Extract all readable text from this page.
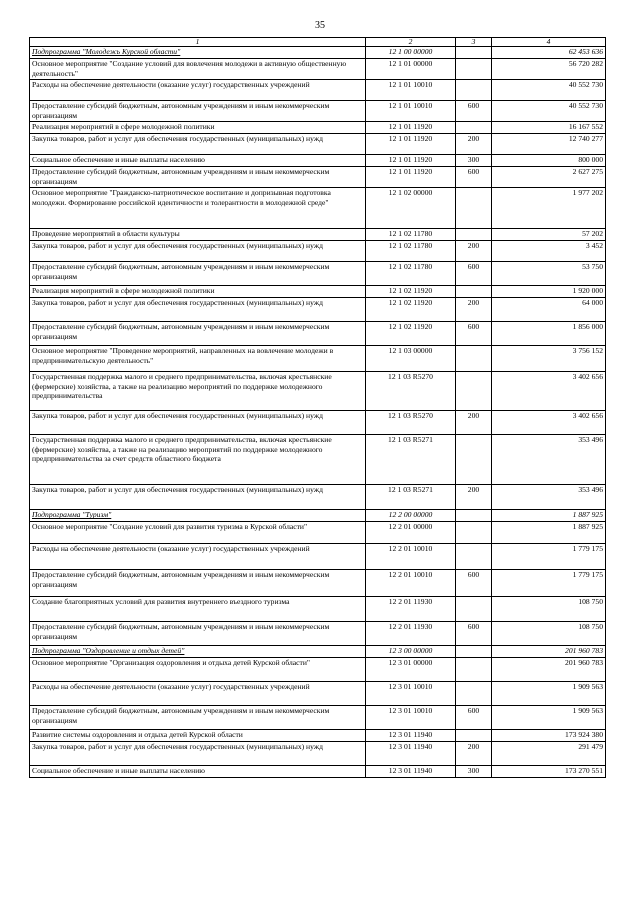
35
1	2	3	4
Подпрограмма "Молодежь Курской области"	12 1 00 00000		62 453 636
Основное мероприятие "Создание условий для вовлечения молодежи в активную общественную деятельность"	12 1 01 00000		56 720 282
Расходы на обеспечение деятельности (оказание услуг) государственных учреждений	12 1 01 10010		40 552 730
Предоставление субсидий бюджетным, автономным учреждениям и иным некоммерческим организациям	12 1 01 10010	600	40 552 730
Реализация мероприятий в сфере молодежной политики	12 1 01 11920		16 167 552
Закупка товаров, работ и услуг для обеспечения государственных (муниципальных) нужд	12 1 01 11920	200	12 740 277
Социальное обеспечение и иные выплаты населению	12 1 01 11920	300	800 000
Предоставление субсидий бюджетным, автономным учреждениям и иным некоммерческим организациям	12 1 01 11920	600	2 627 275
Основное мероприятие "Гражданско-патриотическое воспитание и допризывная подготовка молодежи. Формирование российской идентичности и толерантности в молодежной среде"	12 1 02 00000		1 977 202
Проведение мероприятий в области культуры	12 1 02 11780		57 202
Закупка товаров, работ и услуг для обеспечения государственных (муниципальных) нужд	12 1 02 11780	200	3 452
Предоставление субсидий бюджетным, автономным учреждениям и иным некоммерческим организациям	12 1 02 11780	600	53 750
Реализация мероприятий в сфере молодежной политики	12 1 02 11920		1 920 000
Закупка товаров, работ и услуг для обеспечения государственных (муниципальных) нужд	12 1 02 11920	200	64 000
Предоставление субсидий бюджетным, автономным учреждениям и иным некоммерческим организациям	12 1 02 11920	600	1 856 000
Основное мероприятие "Проведение мероприятий, направленных на вовлечение молодежи в предпринимательскую деятельность"	12 1 03 00000		3 756 152
Государственная поддержка малого и среднего предпринимательства, включая крестьянские (фермерские) хозяйства, а также на реализацию мероприятий по поддержке молодежного предпринимательства	12 1 03 R5270		3 402 656
Закупка товаров, работ и услуг для обеспечения государственных (муниципальных) нужд	12 1 03 R5270	200	3 402 656
Государственная поддержка малого и среднего предпринимательства, включая крестьянские (фермерские) хозяйства, а также на реализацию мероприятий по поддержке молодежного предпринимательства за счет средств областного бюджета	12 1 03 R5271		353 496
Закупка товаров, работ и услуг для обеспечения государственных (муниципальных) нужд	12 1 03 R5271	200	353 496
Подпрограмма "Туризм"	12 2 00 00000		1 887 925
Основное мероприятие "Создание условий для развития туризма в Курской области"	12 2 01 00000		1 887 925
Расходы на обеспечение деятельности (оказание услуг) государственных учреждений	12 2 01 10010		1 779 175
Предоставление субсидий бюджетным, автономным учреждениям и иным некоммерческим организациям	12 2 01 10010	600	1 779 175
Создание благоприятных условий для развития внутреннего въездного туризма	12 2 01 11930		108 750
Предоставление субсидий бюджетным, автономным учреждениям и иным некоммерческим организациям	12 2 01 11930	600	108 750
Подпрограмма "Оздоровление и отдых детей"	12 3 00 00000		201 960 783
Основное мероприятие "Организация оздоровления и отдыха детей Курской области"	12 3 01 00000		201 960 783
Расходы на обеспечение деятельности (оказание услуг) государственных учреждений	12 3 01 10010		1 909 563
Предоставление субсидий бюджетным, автономным учреждениям и иным некоммерческим организациям	12 3 01 10010	600	1 909 563
Развитие системы оздоровления и отдыха детей Курской области	12 3 01 11940		173 924 380
Закупка товаров, работ и услуг для обеспечения государственных (муниципальных) нужд	12 3 01 11940	200	291 479
Социальное обеспечение и иные выплаты населению	12 3 01 11940	300	173 270 551
